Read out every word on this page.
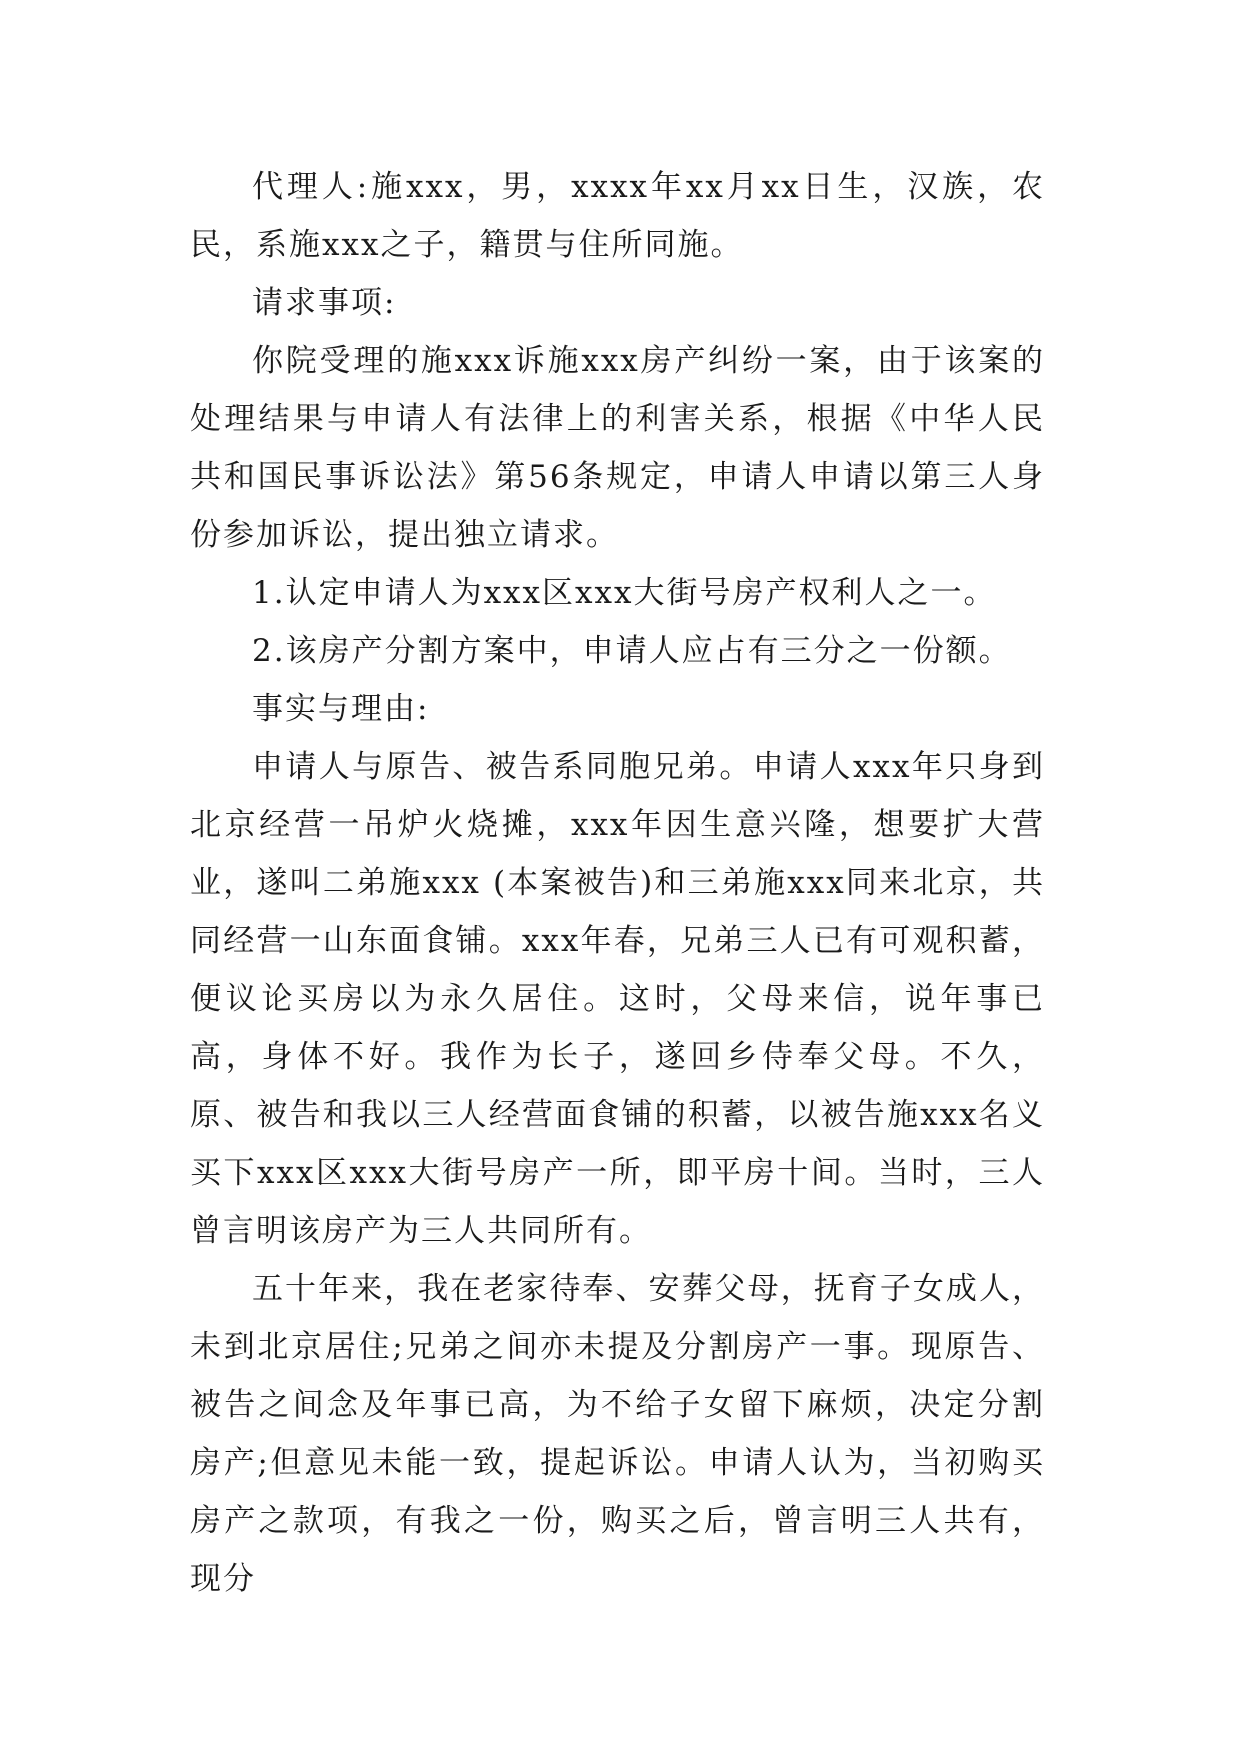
代理人:施xxx，男，xxxx年xx月xx日生，汉族，农民，系施xxx之子，籍贯与住所同施。

请求事项:

你院受理的施xxx诉施xxx房产纠纷一案，由于该案的处理结果与申请人有法律上的利害关系，根据《中华人民共和国民事诉讼法》第56条规定，申请人申请以第三人身份参加诉讼，提出独立请求。

1.认定申请人为xxx区xxx大街号房产权利人之一。

2.该房产分割方案中，申请人应占有三分之一份额。

事实与理由:

申请人与原告、被告系同胞兄弟。申请人xxx年只身到北京经营一吊炉火烧摊，xxx年因生意兴隆，想要扩大营业，遂叫二弟施xxx (本案被告)和三弟施xxx同来北京，共同经营一山东面食铺。xxx年春，兄弟三人已有可观积蓄，便议论买房以为永久居住。这时，父母来信，说年事已高，身体不好。我作为长子，遂回乡侍奉父母。不久，原、被告和我以三人经营面食铺的积蓄，以被告施xxx名义买下xxx区xxx大街号房产一所，即平房十间。当时，三人曾言明该房产为三人共同所有。

五十年来，我在老家待奉、安葬父母，抚育子女成人，未到北京居住;兄弟之间亦未提及分割房产一事。现原告、被告之间念及年事已高，为不给子女留下麻烦，决定分割房产;但意见未能一致，提起诉讼。申请人认为，当初购买房产之款项，有我之一份，购买之后，曾言明三人共有，现分
